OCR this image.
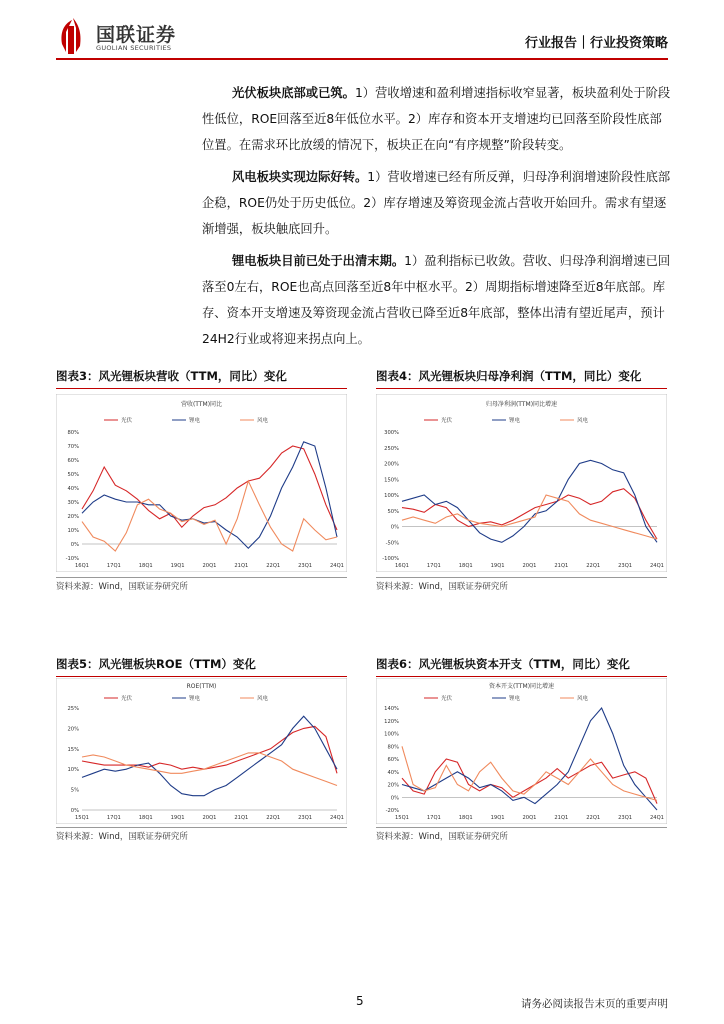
国联证券
GUOLIAN SECURITIES	行业报告｜行业投资策略
光伏板块底部或已筑。1）营收增速和盈利增速指标收窄显著，板块盈利处于阶段性低位，ROE回落至近8年低位水平。2）库存和资本开支增速均已回落至阶段性底部位置。在需求环比放缓的情况下，板块正在向“有序规整”阶段转变。
风电板块实现边际好转。1）营收增速已经有所反弹，归母净利润增速阶段性底部企稳，ROE仍处于历史低位。2）库存增速及筹资现金流占营收开始回升。需求有望逐渐增强，板块触底回升。
锂电板块目前已处于出清末期。1）盈利指标已收敛。营收、归母净利润增速已回落至0左右，ROE也高点回落至近8年中枢水平。2）周期指标增速降至近8年底部。库存、资本开支增速及筹资现金流占营收已降至近8年底部，整体出清有望近尾声，预计24H2行业或将迎来拐点向上。
图表3：风光锂板块营收（TTM，同比）变化
营收(TTM)同比
光伏	锂电	风电
-10%
0%
10%
20%
30%
40%
50%
60%
70%
80%
16Q1	17Q1	18Q1	19Q1	20Q1	21Q1	22Q1	23Q1	24Q1
资料来源：Wind，国联证券研究所
图表4：风光锂板块归母净利润（TTM，同比）变化
归母净利润(TTM)同比增速
光伏	锂电	风电
-100%
-50%
0%
50%
100%
150%
200%
250%
300%
16Q1	17Q1	18Q1	19Q1	20Q1	21Q1	22Q1	23Q1	24Q1
资料来源：Wind，国联证券研究所
图表5：风光锂板块ROE（TTM）变化
ROE(TTM)
光伏	锂电	风电
0%
5%
10%
15%
20%
25%
15Q1	17Q1	18Q1	19Q1	20Q1	21Q1	22Q1	23Q1	24Q1
资料来源：Wind，国联证券研究所
图表6：风光锂板块资本开支（TTM，同比）变化
资本开支(TTM)同比增速
光伏	锂电	风电
-20%
0%
20%
40%
60%
80%
100%
120%
140%
15Q1	17Q1	18Q1	19Q1	20Q1	21Q1	22Q1	23Q1	24Q1
资料来源：Wind，国联证券研究所
5	请务必阅读报告末页的重要声明
